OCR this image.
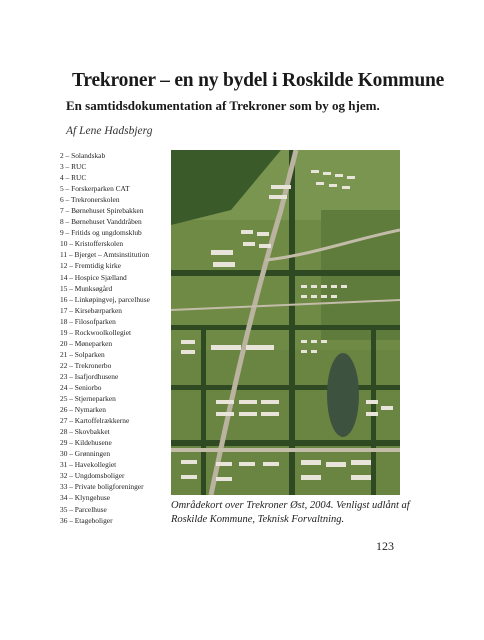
Trekroner – en ny bydel i Roskilde Kommune
En samtidsdokumentation af Trekroner som by og hjem.
Af Lene Hadsbjerg
2 – Solandskab
3 – RUC
4 – RUC
5 – Forskerparken CAT
6 – Trekronerskolen
7 – Børnehuset Spirebakken
8 – Børnehuset Vanddråben
9 – Fritids og ungdomsklub
10 – Kristofferskolen
11 – Bjerget – Amtsinstitution
12 – Fremtidig kirke
14 – Hospice Sjælland
15 – Munksøgård
16 – Linkøpingvej, parcelhuse
17 – Kirsebærparken
18 – Filosofparken
19 – Rockwoolkollegiet
20 – Møneparken
21 – Solparken
22 – Trekronerbo
23 – Isafjordhusene
24 – Seniorbo
25 – Stjerneparken
26 – Nymarken
27 – Kartoffelrækkerne
28 – Skovbakket
29 – Kildehusene
30 – Grønningen
31 – Havekollegiet
32 – Ungdomsboliger
33 – Private boligforeninger
34 – Klyngehuse
35 – Parcelhuse
36 – Etageboliger
Områdekort over Trekroner Øst, 2004. Venligst udlånt af Roskilde Kommune, Teknisk Forvaltning.
123
